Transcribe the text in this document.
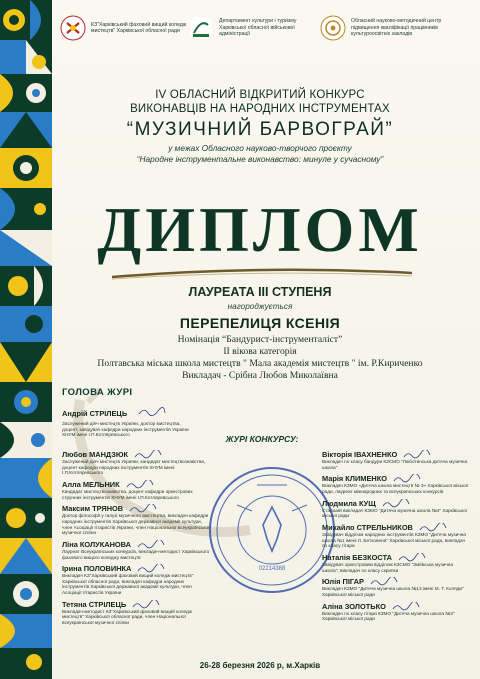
КЗ"Харківський фаховий вищий коледж мистецтв" Харківської обласної ради
Департамент культури і туризму Харківської обласної військової адміністрації
Обласний науково-методичний центр підвищення кваліфікації працівників культуроосвітніх закладів
IV ОБЛАСНИЙ ВІДКРИТИЙ КОНКУРС
ВИКОНАВЦІВ НА НАРОДНИХ ІНСТРУМЕНТАХ
“МУЗИЧНИЙ БАРВОГРАЙ”
у межах Обласного науково-творчого проєкту
“Народне інструментальне виконавство: минуле у сучасному”
ДИПЛОМ
ЛАУРЕАТА III СТУПЕНЯ
нагороджується
ПЕРЕПЕЛИЦЯ КСЕНІЯ
Номінація “Бандурист-інструменталіст”
II вікова категорія
Полтавська міська школа мистецтв " Мала академія мистецтв " ім. Р.Кириченко
Викладач - Срібна Любов Миколаївна
ГОЛОВА ЖУРІ
Андрій СТРІЛЕЦЬ
Заслужений діяч мистецтв України, доктор мистецтва,
доцент, завідувач кафедри народних інструментів України
ХНУМ імені І.П.Котляревського	ЖУРІ КОНКУРСУ:
02214388
Любов МАНДЗЮК
Заслужений діяч мистецтв України, кандидат мистецтвознавства, доцент кафедри народних інструментів ХНУМ імені І.П.Котляревського
Алла МЕЛЬНИК
Кандидат мистецтвознавства, доцент кафедри оркестрових струнних інструментів ХНУМ імені І.П.Котляревського
Максим ТРЯНОВ
Доктор філософії у галузі музичного мистецтва, викладач кафедри народних інструментів Харківської державної академії культури, член Асоціації гітаристів України, член Національної всеукраїнської музичної спілки
Ліна КОЛУКАНОВА
Лауреат Всеукраїнських конкурсів, викладач-методист Харківського фахового вищого коледжу мистецтв
Ірина ПОЛОВИНКА
Викладач КЗ"Харківський фаховий вищий коледж мистецтв" Харківської обласної ради, викладач кафедри народних інструментів Харківської державної академії культури, член Асоціації гітаристів України
Тетяна СТРІЛЕЦЬ
Викладач-методист КЗ"Харківський фаховий вищий коледж мистецтв" Харківської обласної ради, член Національної всеукраїнської музичної спілки
Вікторія ІВАХНЕНКО
Викладач по класу бандури КЗСМО "Люботинська дитяча музична школа"
Марія КЛИМЕНКО
Викладач КЗМО «Дитяча школа мистецтв № 3» Харківської міської ради, лауреат міжнародних та всеукраїнських конкурсів
Людмила КУЩ
Старший викладач КЗМО "Дитяча музична школа №4" Харківської міської ради
Михайло СТРЕЛЬНИКОВ
Завідувач відділом народних інструментів КЗМО "Дитяча музична школа №1 імені Л. Бетховена" Харківської міської ради, викладач по класу гітари
Наталія БЕЗКОСТА
Завідувач оркестровим відділом КЗСМО "Зміївська музична школа", викладач по класу скрипки
Юлія ПІГАР
Викладач КЗМО "Дитяча музична школа №13 імені М. Т. Коляди" Харківської міської ради
Аліна ЗОЛОТЬКО
Викладач по класу гітари КЗМО "Дитяча музична школа №3" Харківської міської ради
26-28 березня 2026 р, м.Харків
